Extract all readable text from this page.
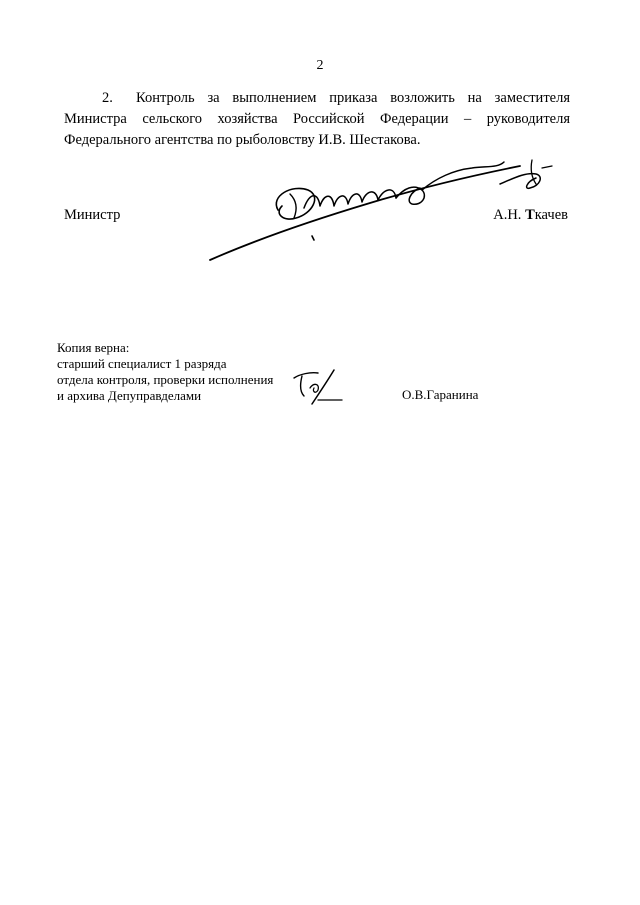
2

2. Контроль за выполнением приказа возложить на заместителя Министра сельского хозяйства Российской Федерации – руководителя Федерального агентства по рыболовству И.В. Шестакова.

Министр	А.Н. Ткачев
Копия верна:
старший специалист 1 разряда
отдела контроля, проверки исполнения
и архива Депуправделами	О.В.Гаранина
